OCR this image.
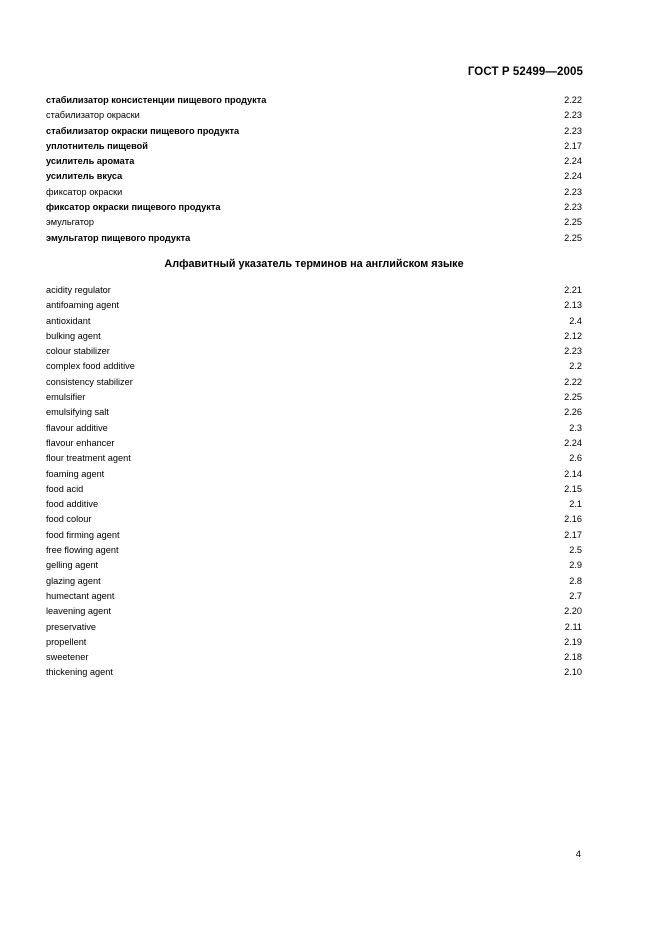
ГОСТ Р 52499—2005
стабилизатор консистенции пищевого продукта	2.22
стабилизатор окраски	2.23
стабилизатор окраски пищевого продукта	2.23
уплотнитель пищевой	2.17
усилитель аромата	2.24
усилитель вкуса	2.24
фиксатор окраски	2.23
фиксатор окраски пищевого продукта	2.23
эмульгатор	2.25
эмульгатор пищевого продукта	2.25
Алфавитный указатель терминов на английском языке
acidity regulator	2.21
antifoaming agent	2.13
antioxidant	2.4
bulking agent	2.12
colour stabilizer	2.23
complex food additive	2.2
consistency stabilizer	2.22
emulsifier	2.25
emulsifying salt	2.26
flavour additive	2.3
flavour enhancer	2.24
flour treatment agent	2.6
foaming agent	2.14
food acid	2.15
food additive	2.1
food colour	2.16
food firming agent	2.17
free flowing agent	2.5
gelling agent	2.9
glazing agent	2.8
humectant agent	2.7
leavening agent	2.20
preservative	2.11
propellent	2.19
sweetener	2.18
thickening agent	2.10
4
